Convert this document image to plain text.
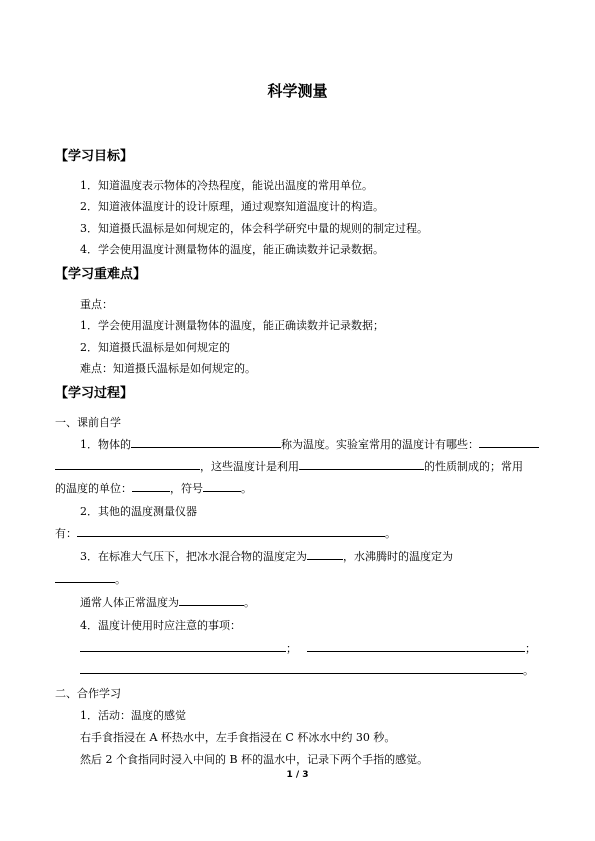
科学测量
【学习目标】
1．知道温度表示物体的冷热程度，能说出温度的常用单位。
2．知道液体温度计的设计原理，通过观察知道温度计的构造。
3．知道摄氏温标是如何规定的，体会科学研究中量的规则的制定过程。
4．学会使用温度计测量物体的温度，能正确读数并记录数据。
【学习重难点】
重点：
1．学会使用温度计测量物体的温度，能正确读数并记录数据；
2．知道摄氏温标是如何规定的
难点：知道摄氏温标是如何规定的。
【学习过程】
一、课前自学
1．物体的	称为温度。实验室常用的温度计有哪些：
，这些温度计是利用	的性质制成的；常用
的温度的单位：	，符号	。
2．其他的温度测量仪器
有：	。
3．在标准大气压下，把冰水混合物的温度定为	，水沸腾时的温度定为
。
通常人体正常温度为	。
4．温度计使用时应注意的事项：
；	；
。
二、合作学习
1．活动：温度的感觉
右手食指浸在 A 杯热水中，左手食指浸在 C 杯冰水中约 30 秒。
然后 2 个食指同时浸入中间的 B 杯的温水中，记录下两个手指的感觉。
1 / 3
